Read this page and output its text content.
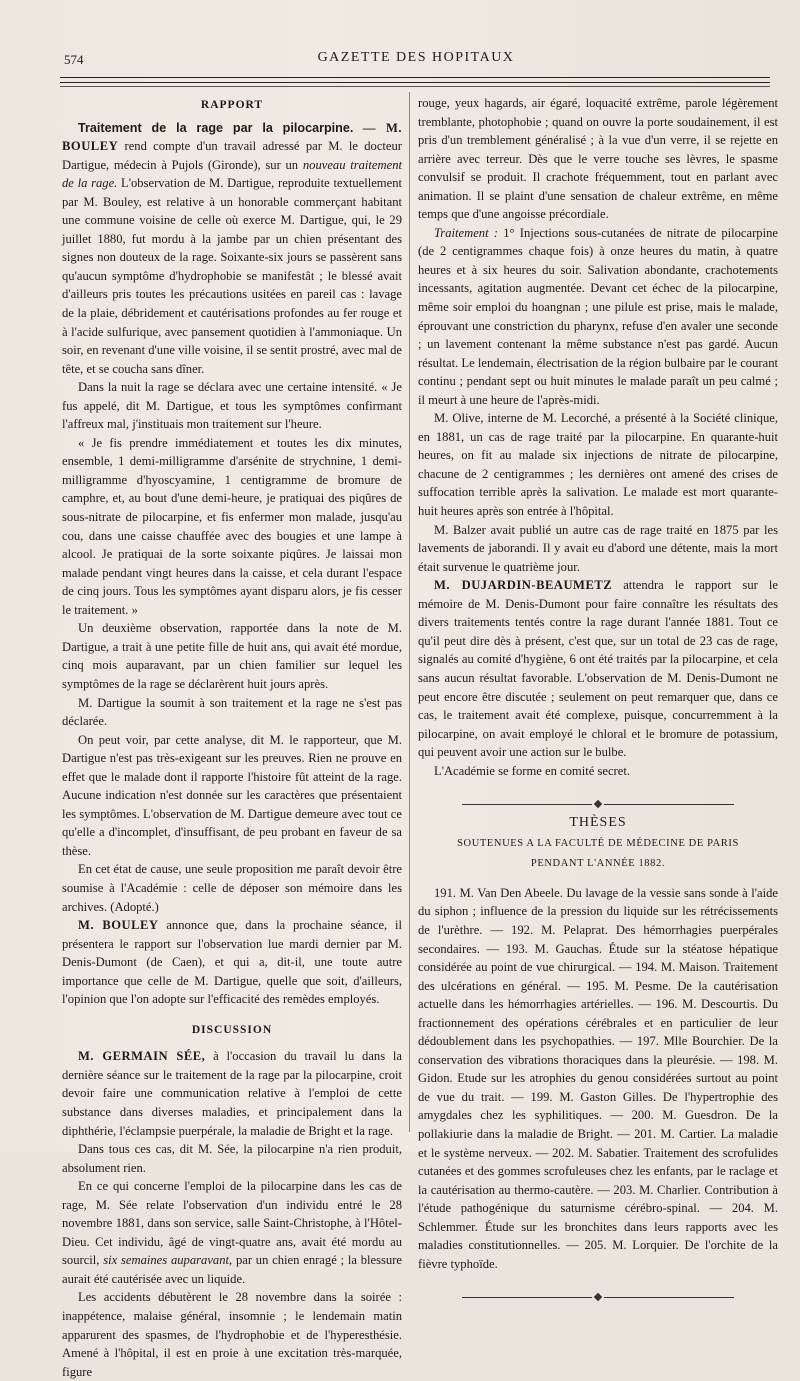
574	GAZETTE DES HOPITAUX
RAPPORT

Traitement de la rage par la pilocarpine. — M. BOULEY rend compte d'un travail adressé par M. le docteur Dartigue, médecin à Pujols (Gironde), sur un nouveau traitement de la rage. L'observation de M. Dartigue, reproduite textuellement par M. Bouley, est relative à un honorable commerçant habitant une commune voisine de celle où exerce M. Dartigue, qui, le 29 juillet 1880, fut mordu à la jambe par un chien présentant des signes non douteux de la rage. Soixante-six jours se passèrent sans qu'aucun symptôme d'hydrophobie se manifestât ; le blessé avait d'ailleurs pris toutes les précautions usitées en pareil cas : lavage de la plaie, débridement et cautérisations profondes au fer rouge et à l'acide sulfurique, avec pansement quotidien à l'ammoniaque. Un soir, en revenant d'une ville voisine, il se sentit prostré, avec mal de tête, et se coucha sans dîner.

Dans la nuit la rage se déclara avec une certaine intensité. « Je fus appelé, dit M. Dartigue, et tous les symptômes confirmant l'affreux mal, j'instituais mon traitement sur l'heure.

« Je fis prendre immédiatement et toutes les dix minutes, ensemble, 1 demi-milligramme d'arsénite de strychnine, 1 demi-milligramme d'hyoscyamine, 1 centigramme de bromure de camphre, et, au bout d'une demi-heure, je pratiquai des piqûres de sous-nitrate de pilocarpine, et fis enfermer mon malade, jusqu'au cou, dans une caisse chauffée avec des bougies et une lampe à alcool. Je pratiquai de la sorte soixante piqûres. Je laissai mon malade pendant vingt heures dans la caisse, et cela durant l'espace de cinq jours. Tous les symptômes ayant disparu alors, je fis cesser le traitement. »

Un deuxième observation, rapportée dans la note de M. Dartigue, a trait à une petite fille de huit ans, qui avait été mordue, cinq mois auparavant, par un chien familier sur lequel les symptômes de la rage se déclarèrent huit jours après.

M. Dartigue la soumit à son traitement et la rage ne s'est pas déclarée.

On peut voir, par cette analyse, dit M. le rapporteur, que M. Dartigue n'est pas très-exigeant sur les preuves. Rien ne prouve en effet que le malade dont il rapporte l'histoire fût atteint de la rage. Aucune indication n'est donnée sur les caractères que présentaient les symptômes. L'observation de M. Dartigue demeure avec tout ce qu'elle a d'incomplet, d'insuffisant, de peu probant en faveur de sa thèse.

En cet état de cause, une seule proposition me paraît devoir être soumise à l'Académie : celle de déposer son mémoire dans les archives. (Adopté.)

M. BOULEY annonce que, dans la prochaine séance, il présentera le rapport sur l'observation lue mardi dernier par M. Denis-Dumont (de Caen), et qui a, dit-il, une toute autre importance que celle de M. Dartigue, quelle que soit, d'ailleurs, l'opinion que l'on adopte sur l'efficacité des remèdes employés.

DISCUSSION

M. GERMAIN SÉE, à l'occasion du travail lu dans la dernière séance sur le traitement de la rage par la pilocarpine, croit devoir faire une communication relative à l'emploi de cette substance dans diverses maladies, et principalement dans la diphthérie, l'éclampsie puerpérale, la maladie de Bright et la rage.

Dans tous ces cas, dit M. Sée, la pilocarpine n'a rien produit, absolument rien.

En ce qui concerne l'emploi de la pilocarpine dans les cas de rage, M. Sée relate l'observation d'un individu entré le 28 novembre 1881, dans son service, salle Saint-Christophe, à l'Hôtel-Dieu. Cet individu, âgé de vingt-quatre ans, avait été mordu au sourcil, six semaines auparavant, par un chien enragé ; la blessure aurait été cautérisée avec un liquide.

Les accidents débutèrent le 28 novembre dans la soirée : inappétence, malaise général, insomnie ; le lendemain matin apparurent des spasmes, de l'hydrophobie et de l'hyperesthésie. Amené à l'hôpital, il est en proie à une excitation très-marquée, figure

rouge, yeux hagards, air égaré, loquacité extrême, parole légèrement tremblante, photophobie ; quand on ouvre la porte soudainement, il est pris d'un tremblement généralisé ; à la vue d'un verre, il se rejette en arrière avec terreur. Dès que le verre touche ses lèvres, le spasme convulsif se produit. Il crachote fréquemment, tout en parlant avec animation. Il se plaint d'une sensation de chaleur extrême, en même temps que d'une angoisse précordiale.

Traitement : 1° Injections sous-cutanées de nitrate de pilocarpine (de 2 centigrammes chaque fois) à onze heures du matin, à quatre heures et à six heures du soir. Salivation abondante, crachotements incessants, agitation augmentée. Devant cet échec de la pilocarpine, même soir emploi du hoangnan ; une pilule est prise, mais le malade, éprouvant une constriction du pharynx, refuse d'en avaler une seconde ; un lavement contenant la même substance n'est pas gardé. Aucun résultat. Le lendemain, électrisation de la région bulbaire par le courant continu ; pendant sept ou huit minutes le malade paraît un peu calmé ; il meurt à une heure de l'après-midi.

M. Olive, interne de M. Lecorché, a présenté à la Société clinique, en 1881, un cas de rage traité par la pilocarpine. En quarante-huit heures, on fit au malade six injections de nitrate de pilocarpine, chacune de 2 centigrammes ; les dernières ont amené des crises de suffocation terrible après la salivation. Le malade est mort quarante-huit heures après son entrée à l'hôpital.

M. Balzer avait publié un autre cas de rage traité en 1875 par les lavements de jaborandi. Il y avait eu d'abord une détente, mais la mort était survenue le quatrième jour.

M. DUJARDIN-BEAUMETZ attendra le rapport sur le mémoire de M. Denis-Dumont pour faire connaître les résultats des divers traitements tentés contre la rage durant l'année 1881. Tout ce qu'il peut dire dès à présent, c'est que, sur un total de 23 cas de rage, signalés au comité d'hygiène, 6 ont été traités par la pilocarpine, et cela sans aucun résultat favorable. L'observation de M. Denis-Dumont ne peut encore être discutée ; seulement on peut remarquer que, dans ce cas, le traitement avait été complexe, puisque, concurremment à la pilocarpine, on avait employé le chloral et le bromure de potassium, qui peuvent avoir une action sur le bulbe.

L'Académie se forme en comité secret.

THÈSES
SOUTENUES A LA FACULTÉ DE MÉDECINE DE PARIS
PENDANT L'ANNÉE 1882.

191. M. Van Den Abeele. Du lavage de la vessie sans sonde à l'aide du siphon ; influence de la pression du liquide sur les rétrécissements de l'urèthre. — 192. M. Pelaprat. Des hémorrhagies puerpérales secondaires. — 193. M. Gauchas. Étude sur la stéatose hépatique considérée au point de vue chirurgical. — 194. M. Maison. Traitement des ulcérations en général. — 195. M. Pesme. De la cautérisation actuelle dans les hémorrhagies artérielles. — 196. M. Descourtis. Du fractionnement des opérations cérébrales et en particulier de leur dédoublement dans les psychopathies. — 197. Mlle Bourchier. De la conservation des vibrations thoraciques dans la pleurésie. — 198. M. Gidon. Etude sur les atrophies du genou considérées surtout au point de vue du trait. — 199. M. Gaston Gilles. De l'hypertrophie des amygdales chez les syphilitiques. — 200. M. Guesdron. De la pollakiurie dans la maladie de Bright. — 201. M. Cartier. La maladie et le système nerveux. — 202. M. Sabatier. Traitement des scrofulides cutanées et des gommes scrofuleuses chez les enfants, par le raclage et la cautérisation au thermo-cautère. — 203. M. Charlier. Contribution à l'étude pathogénique du saturnisme cérébro-spinal. — 204. M. Schlemmer. Étude sur les bronchites dans leurs rapports avec les maladies constitutionnelles. — 205. M. Lorquier. De l'orchite de la fièvre typhoïde.
